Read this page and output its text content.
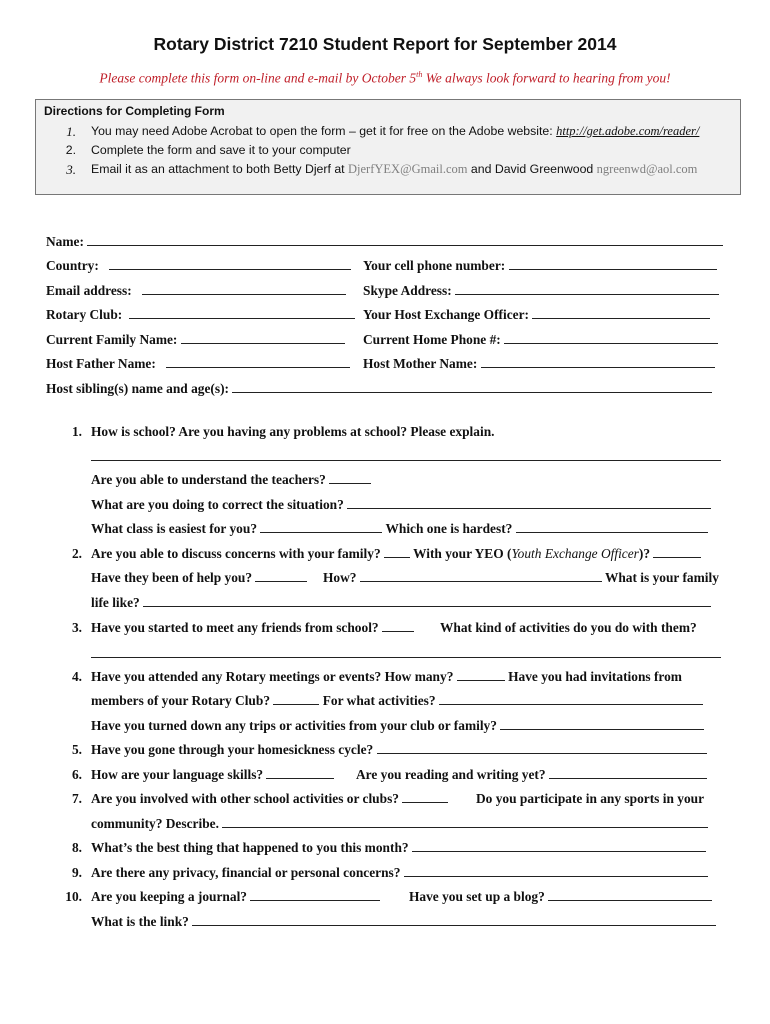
Rotary District 7210 Student Report for September 2014
Please complete this form on-line and e-mail by October 5th We always look forward to hearing from you!
Directions for Completing Form
1. You may need Adobe Acrobat to open the form – get it for free on the Adobe website: http://get.adobe.com/reader/
2. Complete the form and save it to your computer
3. Email it as an attachment to both Betty Djerf at DjerfYEX@Gmail.com and David Greenwood ngreenwd@aol.com
Name:
Country:	Your cell phone number:
Email address:	Skype Address:
Rotary Club:	Your Host Exchange Officer:
Current Family Name:	Current Home Phone #:
Host Father Name:	Host Mother Name:
Host sibling(s) name and age(s):
1. How is school? Are you having any problems at school? Please explain.
Are you able to understand the teachers?
What are you doing to correct the situation?
What class is easiest for you?	Which one is hardest?
2. Are you able to discuss concerns with your family? With your YEO (Youth Exchange Officer)?
Have they been of help you?	How?	What is your family
life like?
3. Have you started to meet any friends from school?	What kind of activities do you do with them?
4. Have you attended any Rotary meetings or events? How many?	Have you had invitations from
members of your Rotary Club?	For what activities?
Have you turned down any trips or activities from your club or family?
5. Have you gone through your homesickness cycle?
6. How are your language skills?	Are you reading and writing yet?
7. Are you involved with other school activities or clubs?	Do you participate in any sports in your
community? Describe.
8. What’s the best thing that happened to you this month?
9. Are there any privacy, financial or personal concerns?
10. Are you keeping a journal?	Have you set up a blog?
What is the link?
